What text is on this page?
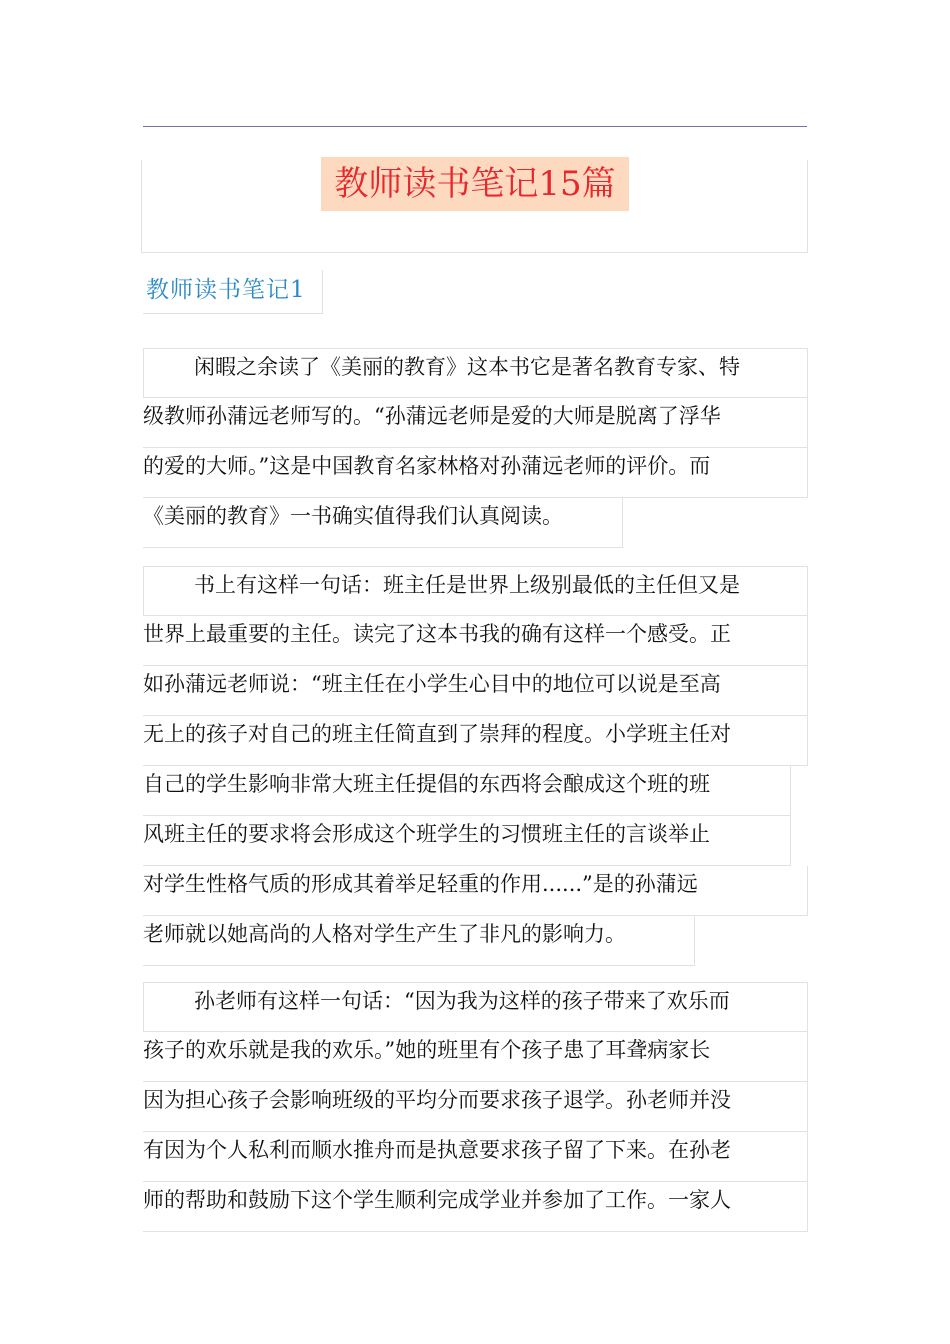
教师读书笔记15篇
教师读书笔记1
闲暇之余读了《美丽的教育》这本书它是著名教育专家、特
级教师孙蒲远老师写的。“孙蒲远老师是爱的大师是脱离了浮华
的爱的大师。”这是中国教育名家林格对孙蒲远老师的评价。而
《美丽的教育》一书确实值得我们认真阅读。
书上有这样一句话：班主任是世界上级别最低的主任但又是
世界上最重要的主任。读完了这本书我的确有这样一个感受。正
如孙蒲远老师说：“班主任在小学生心目中的地位可以说是至高
无上的孩子对自己的班主任简直到了崇拜的程度。小学班主任对
自己的学生影响非常大班主任提倡的东西将会酿成这个班的班
风班主任的要求将会形成这个班学生的习惯班主任的言谈举止
对学生性格气质的形成其着举足轻重的作用......”是的孙蒲远
老师就以她高尚的人格对学生产生了非凡的影响力。
孙老师有这样一句话：“因为我为这样的孩子带来了欢乐而
孩子的欢乐就是我的欢乐。”她的班里有个孩子患了耳聋病家长
因为担心孩子会影响班级的平均分而要求孩子退学。孙老师并没
有因为个人私利而顺水推舟而是执意要求孩子留了下来。在孙老
师的帮助和鼓励下这个学生顺利完成学业并参加了工作。一家人
